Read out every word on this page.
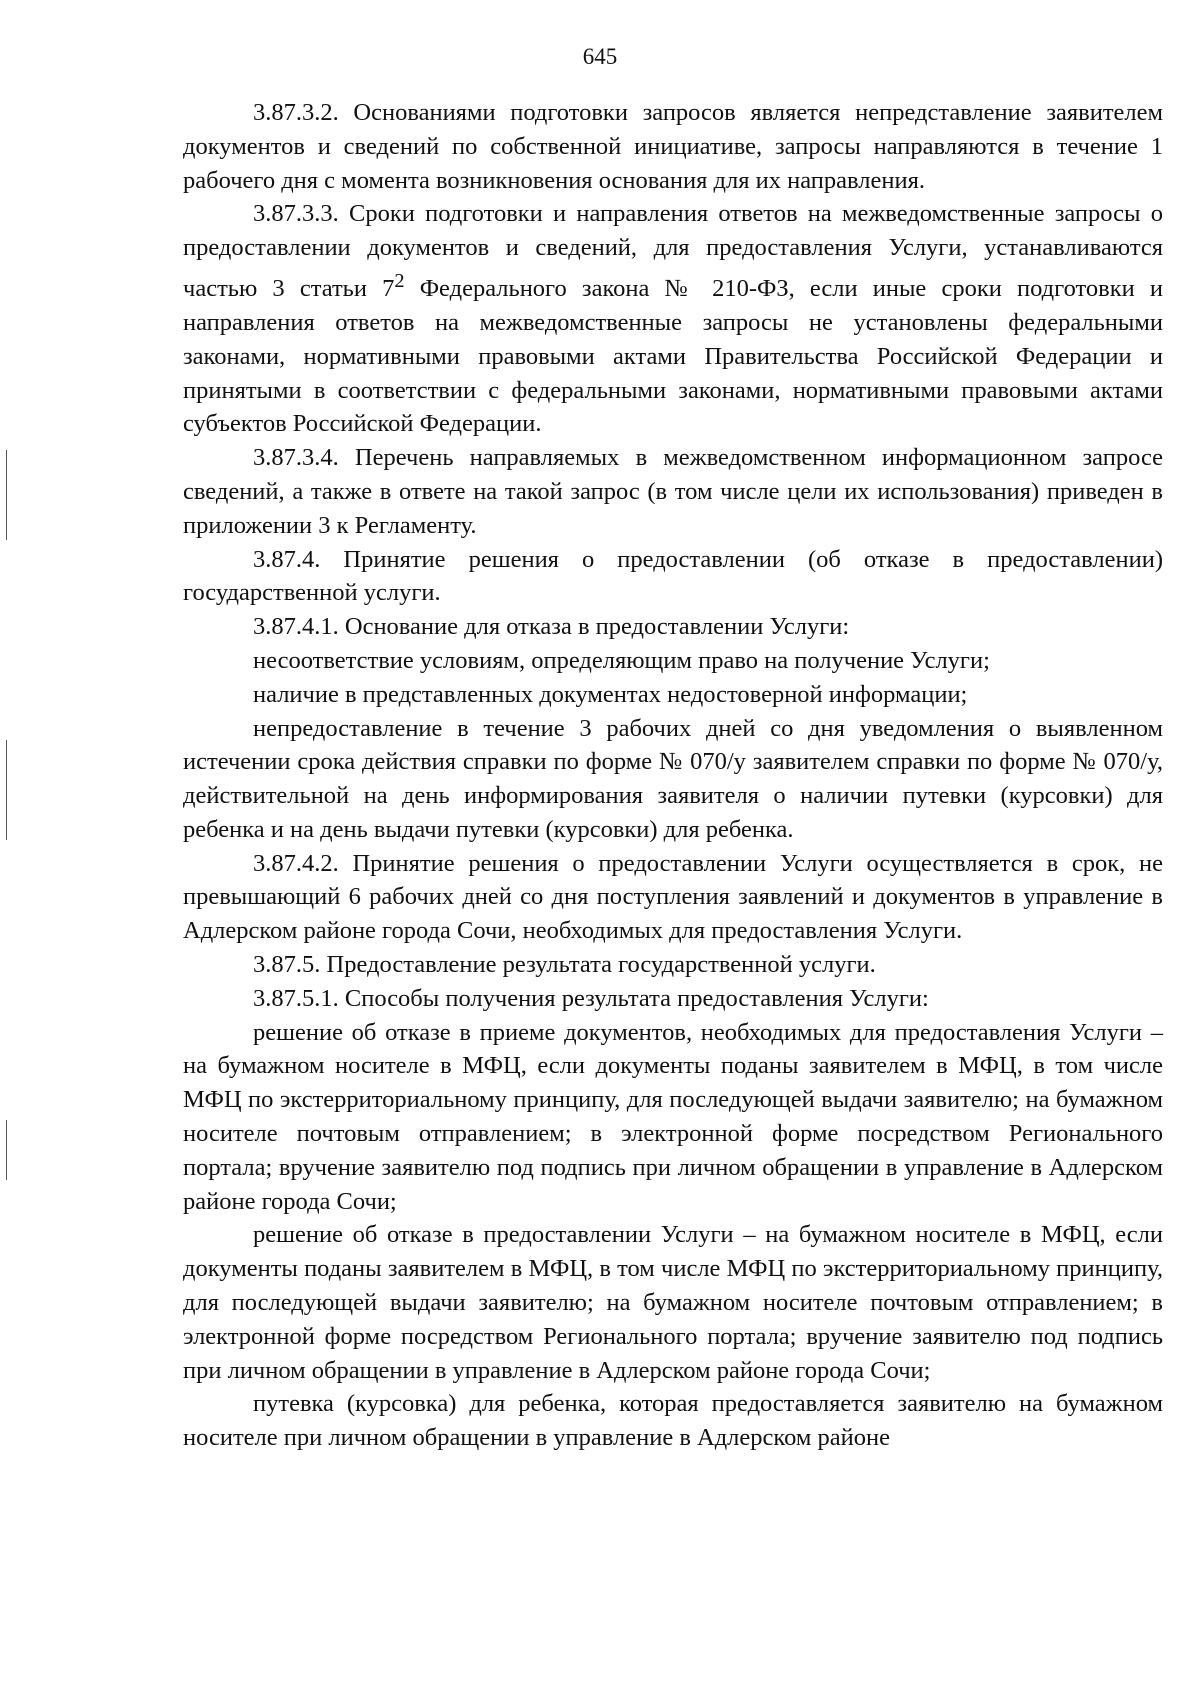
645

3.87.3.2. Основаниями подготовки запросов является непредставление заявителем документов и сведений по собственной инициативе, запросы направляются в течение 1 рабочего дня с момента возникновения основания для их направления.

3.87.3.3. Сроки подготовки и направления ответов на межведомственные запросы о предоставлении документов и сведений, для предоставления Услуги, устанавливаются частью 3 статьи $7^2$ Федерального закона № 210-ФЗ, если иные сроки подготовки и направления ответов на межведомственные запросы не установлены федеральными законами, нормативными правовыми актами Правительства Российской Федерации и принятыми в соответствии с федеральными законами, нормативными правовыми актами субъектов Российской Федерации.

3.87.3.4. Перечень направляемых в межведомственном информационном запросе сведений, а также в ответе на такой запрос (в том числе цели их использования) приведен в приложении 3 к Регламенту.

3.87.4. Принятие решения о предоставлении (об отказе в предоставлении) государственной услуги.

3.87.4.1. Основание для отказа в предоставлении Услуги:

несоответствие условиям, определяющим право на получение Услуги;

наличие в представленных документах недостоверной информации;

непредоставление в течение 3 рабочих дней со дня уведомления о выявленном истечении срока действия справки по форме № 070/у заявителем справки по форме № 070/у, действительной на день информирования заявителя о наличии путевки (курсовки) для ребенка и на день выдачи путевки (курсовки) для ребенка.

3.87.4.2. Принятие решения о предоставлении Услуги осуществляется в срок, не превышающий 6 рабочих дней со дня поступления заявлений и документов в управление в Адлерском районе города Сочи, необходимых для предоставления Услуги.

3.87.5. Предоставление результата государственной услуги.

3.87.5.1. Способы получения результата предоставления Услуги:

решение об отказе в приеме документов, необходимых для предоставления Услуги – на бумажном носителе в МФЦ, если документы поданы заявителем в МФЦ, в том числе МФЦ по экстерриториальному принципу, для последующей выдачи заявителю; на бумажном носителе почтовым отправлением; в электронной форме посредством Регионального портала; вручение заявителю под подпись при личном обращении в управление в Адлерском районе города Сочи;

решение об отказе в предоставлении Услуги – на бумажном носителе в МФЦ, если документы поданы заявителем в МФЦ, в том числе МФЦ по экстерриториальному принципу, для последующей выдачи заявителю; на бумажном носителе почтовым отправлением; в электронной форме посредством Регионального портала; вручение заявителю под подпись при личном обращении в управление в Адлерском районе города Сочи;

путевка (курсовка) для ребенка, которая предоставляется заявителю на бумажном носителе при личном обращении в управление в Адлерском районе
